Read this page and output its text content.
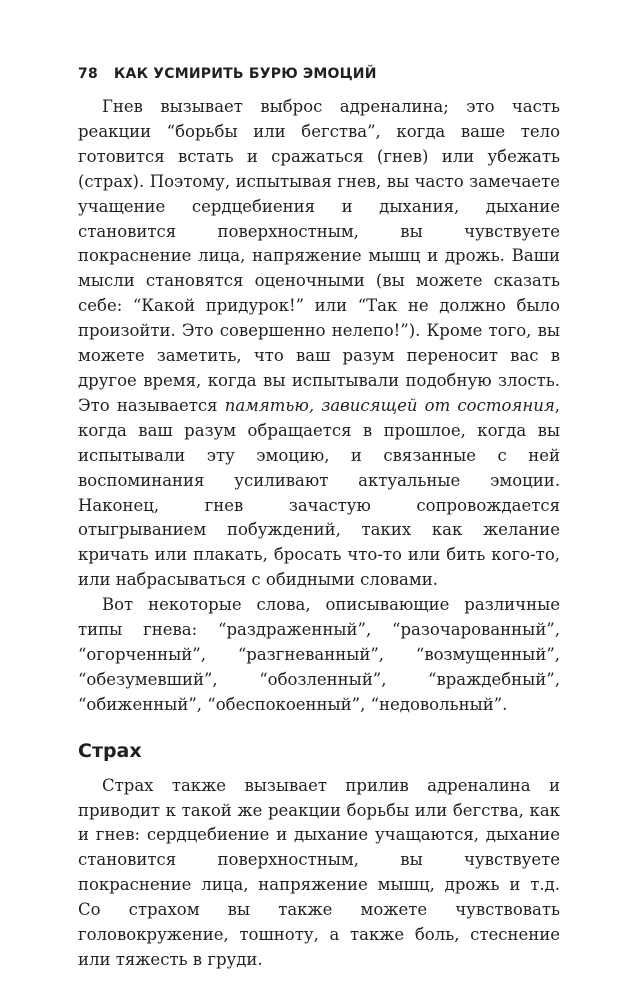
78 КАК УСМИРИТЬ БУРЮ ЭМОЦИЙ

Гнев вызывает выброс адреналина; это часть реакции “борьбы или бегства”, когда ваше тело готовится встать и сражаться (гнев) или убежать (страх). Поэтому, испытывая гнев, вы часто замечаете учащение сердцебиения и дыхания, дыхание становится поверхностным, вы чувствуете покраснение лица, напряжение мышц и дрожь. Ваши мысли становятся оценочными (вы можете сказать себе: “Какой придурок!” или “Так не должно было произойти. Это совершенно нелепо!”). Кроме того, вы можете заметить, что ваш разум переносит вас в другое время, когда вы испытывали подобную злость. Это называется памятью, зависящей от состояния, когда ваш разум обращается в прошлое, когда вы испытывали эту эмоцию, и связанные с ней воспоминания усиливают актуальные эмоции. Наконец, гнев зачастую сопровождается отыгрыванием побуждений, таких как желание кричать или плакать, бросать что-то или бить кого-то, или набрасываться с обидными словами.

Вот некоторые слова, описывающие различные типы гнева: “раздраженный”, “разочарованный”, “огорченный”, “разгневанный”, “возмущенный”, “обезумевший”, “обозленный”, “враждебный”, “обиженный”, “обеспокоенный”, “недовольный”.

Страх

Страх также вызывает прилив адреналина и приводит к такой же реакции борьбы или бегства, как и гнев: сердцебиение и дыхание учащаются, дыхание становится поверхностным, вы чувствуете покраснение лица, напряжение мышц, дрожь и т.д. Со страхом вы также можете чувствовать головокружение, тошноту, а также боль, стеснение или тяжесть в груди.
